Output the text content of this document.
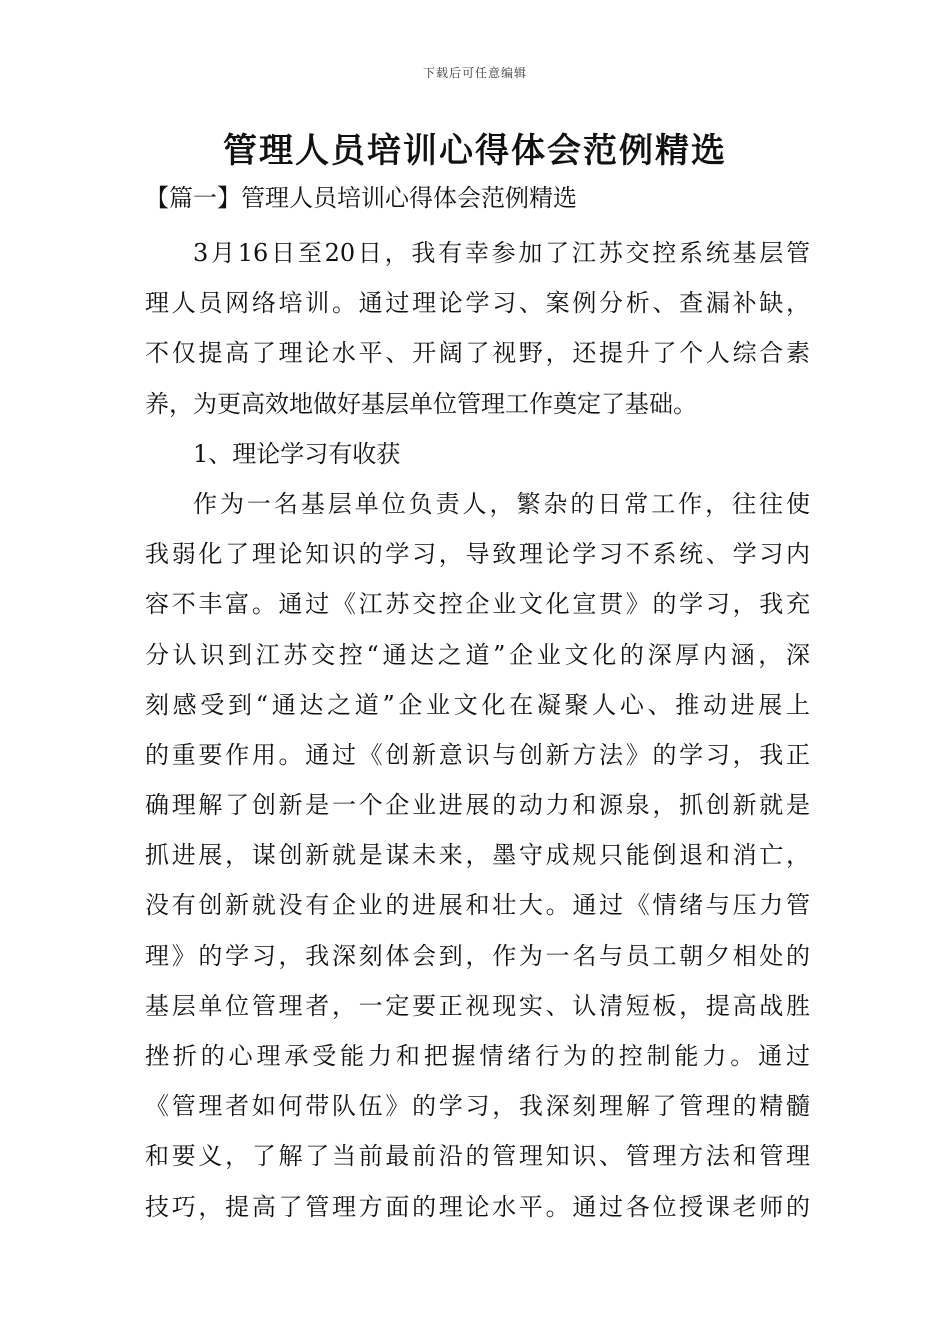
下载后可任意编辑
管理人员培训心得体会范例精选
【篇一】管理人员培训心得体会范例精选
3月16日至20日，我有幸参加了江苏交控系统基层管
理人员网络培训。通过理论学习、案例分析、查漏补缺，
不仅提高了理论水平、开阔了视野，还提升了个人综合素
养，为更高效地做好基层单位管理工作奠定了基础。
1、理论学习有收获
作为一名基层单位负责人，繁杂的日常工作，往往使
我弱化了理论知识的学习，导致理论学习不系统、学习内
容不丰富。通过《江苏交控企业文化宣贯》的学习，我充
分认识到江苏交控“通达之道”企业文化的深厚内涵，深
刻感受到“通达之道”企业文化在凝聚人心、推动进展上
的重要作用。通过《创新意识与创新方法》的学习，我正
确理解了创新是一个企业进展的动力和源泉，抓创新就是
抓进展，谋创新就是谋未来，墨守成规只能倒退和消亡，
没有创新就没有企业的进展和壮大。通过《情绪与压力管
理》的学习，我深刻体会到，作为一名与员工朝夕相处的
基层单位管理者，一定要正视现实、认清短板，提高战胜
挫折的心理承受能力和把握情绪行为的控制能力。通过
《管理者如何带队伍》的学习，我深刻理解了管理的精髓
和要义，了解了当前最前沿的管理知识、管理方法和管理
技巧，提高了管理方面的理论水平。通过各位授课老师的
